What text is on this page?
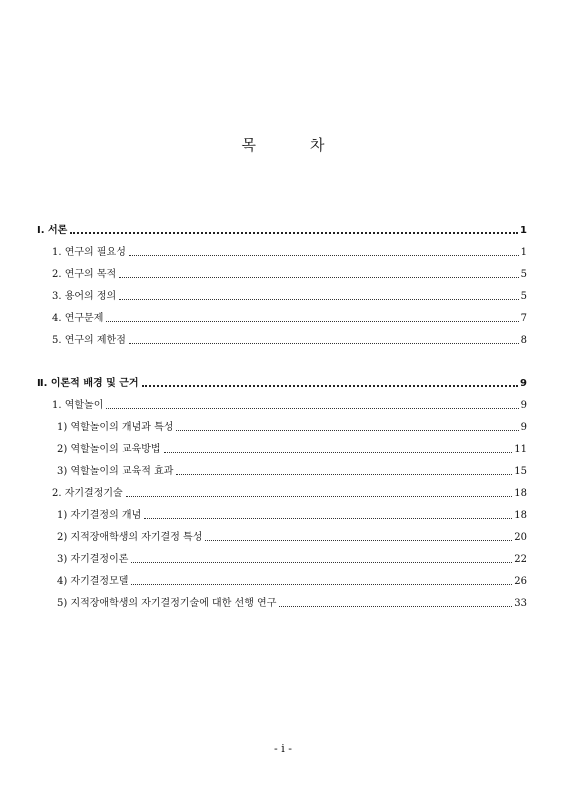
목	차
Ⅰ. 서론	1
1. 연구의 필요성	1
2. 연구의 목적	5
3. 용어의 정의	5
4. 연구문제	7
5. 연구의 제한점	8
Ⅱ. 이론적 배경 및 근거	9
1. 역할놀이	9
1) 역할놀이의 개념과 특성	9
2) 역할놀이의 교육방법	11
3) 역할놀이의 교육적 효과	15
2. 자기결정기술	18
1) 자기결정의 개념	18
2) 지적장애학생의 자기결정 특성	20
3) 자기결정이론	22
4) 자기결정모델	26
5) 지적장애학생의 자기결정기술에 대한 선행 연구	33
- i -
